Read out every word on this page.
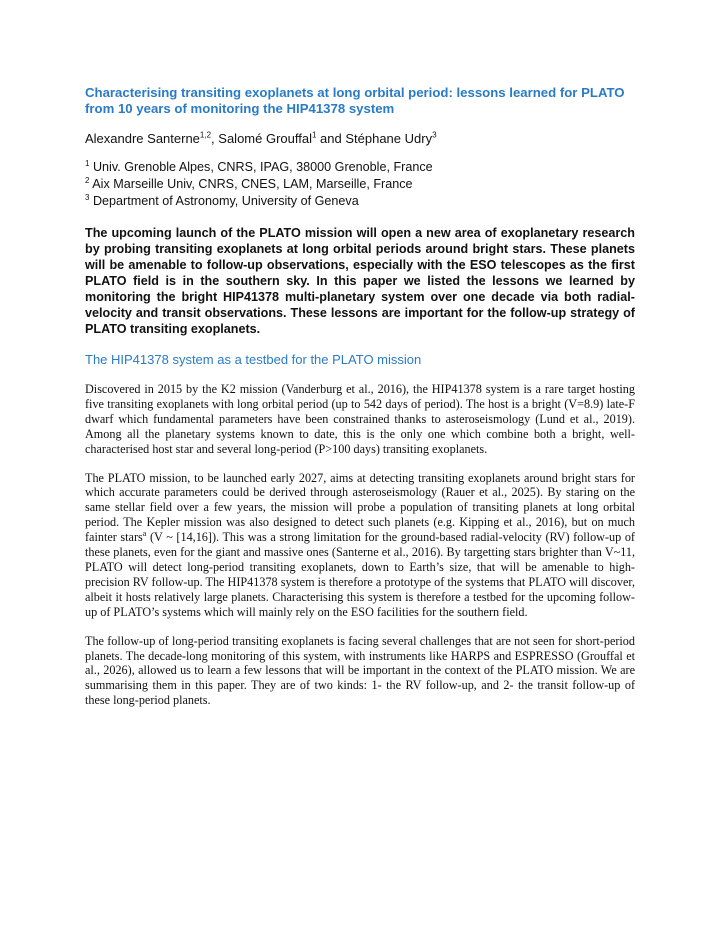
Characterising transiting exoplanets at long orbital period: lessons learned for PLATO from 10 years of monitoring the HIP41378 system

Alexandre Santerne$^{1,2}$, Salomé Grouffal$^1$ and Stéphane Udry$^3$

$^1$ Univ. Grenoble Alpes, CNRS, IPAG, 38000 Grenoble, France
$^2$ Aix Marseille Univ, CNRS, CNES, LAM, Marseille, France
$^3$ Department of Astronomy, University of Geneva

The upcoming launch of the PLATO mission will open a new area of exoplanetary research by probing transiting exoplanets at long orbital periods around bright stars. These planets will be amenable to follow-up observations, especially with the ESO telescopes as the first PLATO field is in the southern sky. In this paper we listed the lessons we learned by monitoring the bright HIP41378 multi-planetary system over one decade via both radial-velocity and transit observations. These lessons are important for the follow-up strategy of PLATO transiting exoplanets.

The HIP41378 system as a testbed for the PLATO mission

Discovered in 2015 by the K2 mission (Vanderburg et al., 2016), the HIP41378 system is a rare target hosting five transiting exoplanets with long orbital period (up to 542 days of period). The host is a bright (V=8.9) late-F dwarf which fundamental parameters have been constrained thanks to asteroseismology (Lund et al., 2019). Among all the planetary systems known to date, this is the only one which combine both a bright, well-characterised host star and several long-period (P>100 days) transiting exoplanets.

The PLATO mission, to be launched early 2027, aims at detecting transiting exoplanets around bright stars for which accurate parameters could be derived through asteroseismology (Rauer et al., 2025). By staring on the same stellar field over a few years, the mission will probe a population of transiting planets at long orbital period. The Kepler mission was also designed to detect such planets (e.g. Kipping et al., 2016), but on much fainter stars$^a$ (V ~ [14,16]). This was a strong limitation for the ground-based radial-velocity (RV) follow-up of these planets, even for the giant and massive ones (Santerne et al., 2016). By targetting stars brighter than V~11, PLATO will detect long-period transiting exoplanets, down to Earth’s size, that will be amenable to high-precision RV follow-up. The HIP41378 system is therefore a prototype of the systems that PLATO will discover, albeit it hosts relatively large planets. Characterising this system is therefore a testbed for the upcoming follow-up of PLATO’s systems which will mainly rely on the ESO facilities for the southern field.

The follow-up of long-period transiting exoplanets is facing several challenges that are not seen for short-period planets. The decade-long monitoring of this system, with instruments like HARPS and ESPRESSO (Grouffal et al., 2026), allowed us to learn a few lessons that will be important in the context of the PLATO mission. We are summarising them in this paper. They are of two kinds: 1- the RV follow-up, and 2- the transit follow-up of these long-period planets.
